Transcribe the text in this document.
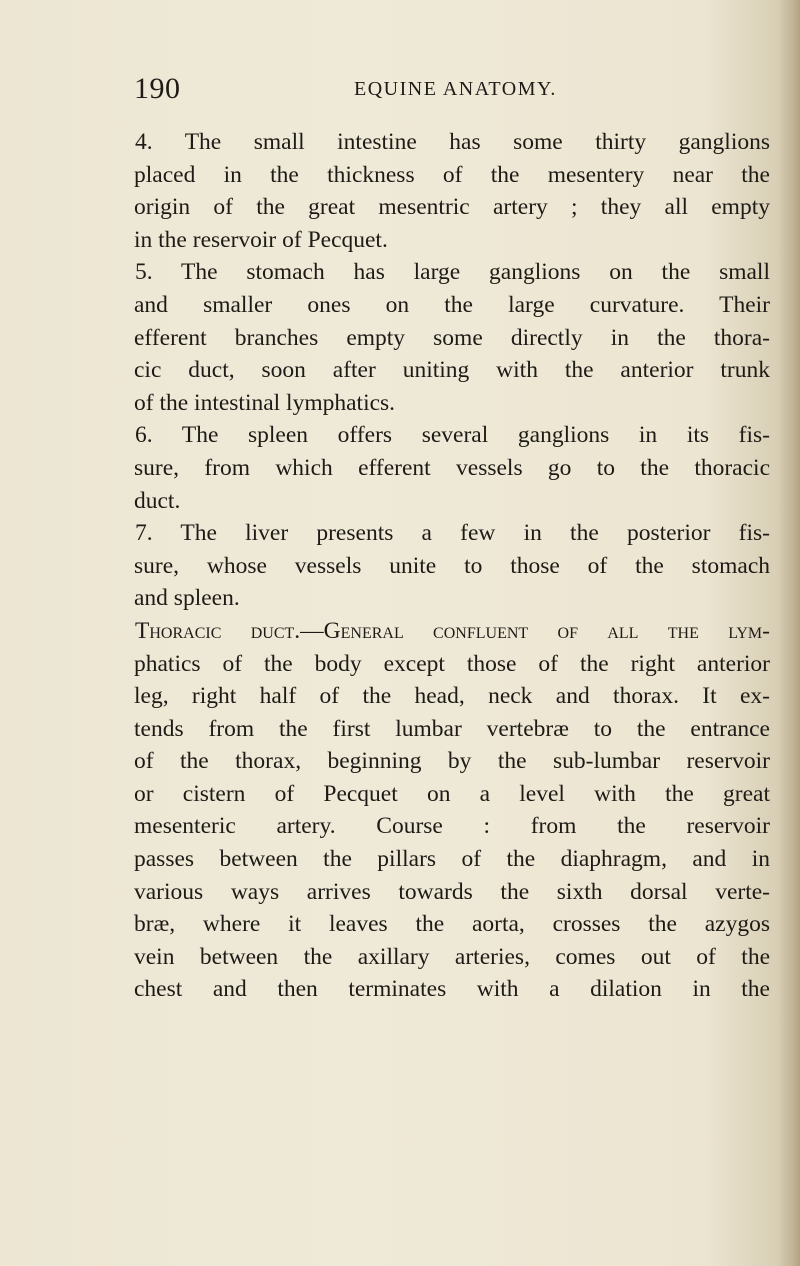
190	EQUINE ANATOMY.
4. The small intestine has some thirty ganglions
placed in the thickness of the mesentery near the
origin of the great mesentric artery ; they all empty
in the reservoir of Pecquet.
5. The stomach has large ganglions on the small
and smaller ones on the large curvature. Their
efferent branches empty some directly in the thora-
cic duct, soon after uniting with the anterior trunk
of the intestinal lymphatics.
6. The spleen offers several ganglions in its fis-
sure, from which efferent vessels go to the thoracic
duct.
7. The liver presents a few in the posterior fis-
sure, whose vessels unite to those of the stomach
and spleen.
Thoracic duct.—General confluent of all the lym-
phatics of the body except those of the right anterior
leg, right half of the head, neck and thorax. It ex-
tends from the first lumbar vertebræ to the entrance
of the thorax, beginning by the sub-lumbar reservoir
or cistern of Pecquet on a level with the great
mesenteric artery. Course : from the reservoir
passes between the pillars of the diaphragm, and in
various ways arrives towards the sixth dorsal verte-
bræ, where it leaves the aorta, crosses the azygos
vein between the axillary arteries, comes out of the
chest and then terminates with a dilation in the
